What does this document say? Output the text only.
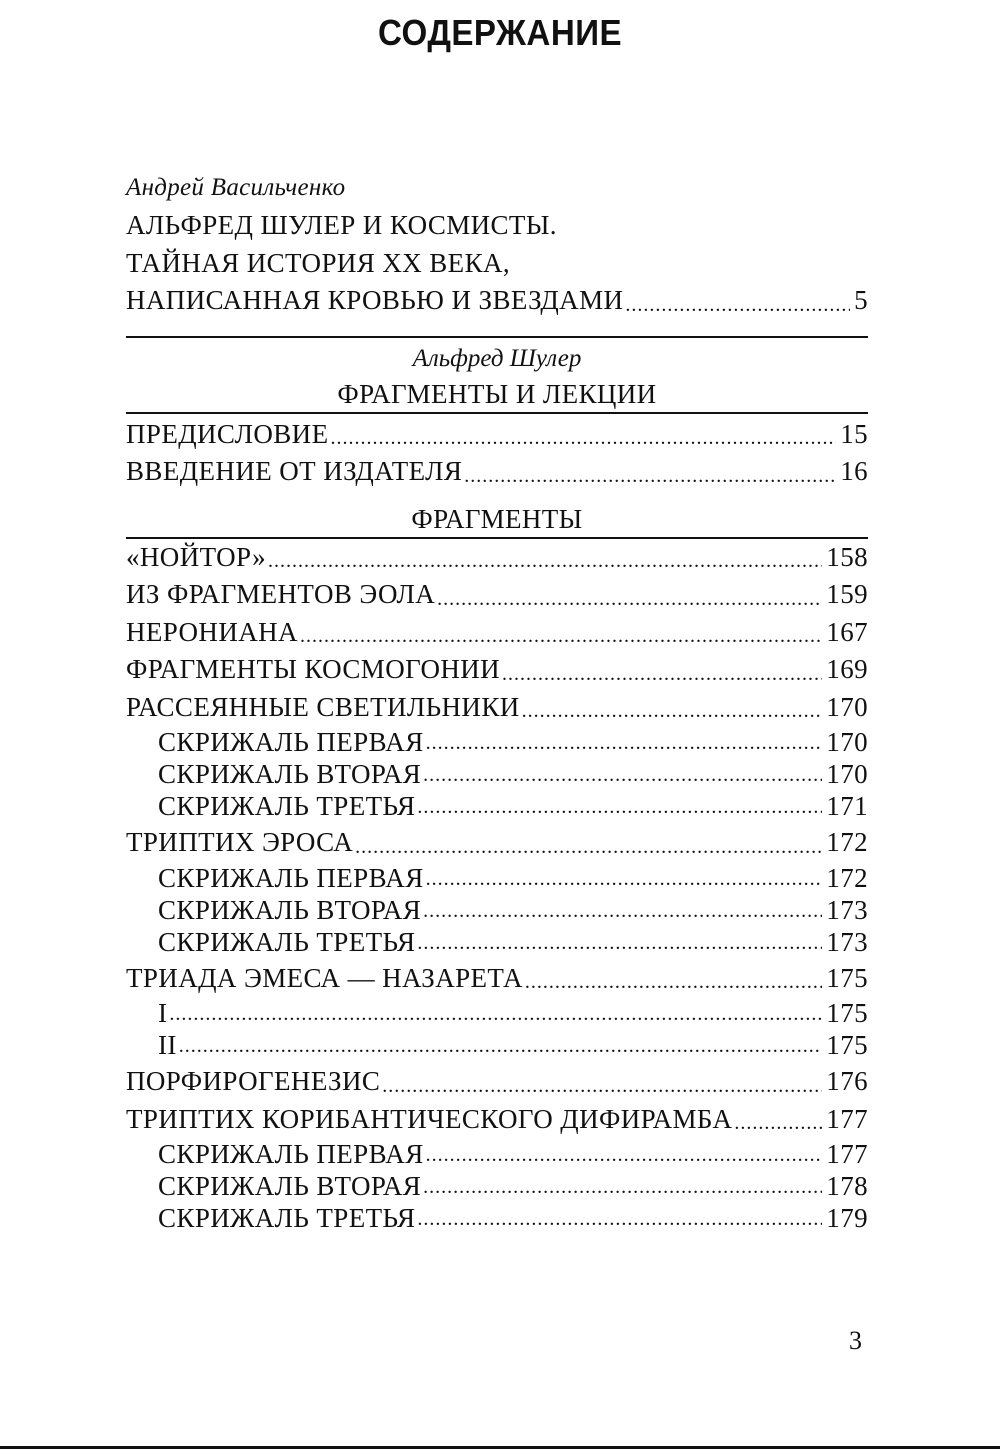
СОДЕРЖАНИЕ
Андрей Васильченко
АЛЬФРЕД ШУЛЕР И КОСМИСТЫ.
ТАЙНАЯ ИСТОРИЯ XX ВЕКА,
НАПИСАННАЯ КРОВЬЮ И ЗВЕЗДАМИ .....	5
Альфред Шулер
ФРАГМЕНТЫ И ЛЕКЦИИ
ПРЕДИСЛОВИЕ .....	15
ВВЕДЕНИЕ ОТ ИЗДАТЕЛЯ .....	16
ФРАГМЕНТЫ
«НОЙТОР» .....	158
ИЗ ФРАГМЕНТОВ ЭОЛА .....	159
НЕРОНИАНА .....	167
ФРАГМЕНТЫ КОСМОГОНИИ .....	169
РАССЕЯННЫЕ СВЕТИЛЬНИКИ .....	170
СКРИЖАЛЬ ПЕРВАЯ .....	170
СКРИЖАЛЬ ВТОРАЯ .....	170
СКРИЖАЛЬ ТРЕТЬЯ .....	171
ТРИПТИХ ЭРОСА .....	172
СКРИЖАЛЬ ПЕРВАЯ .....	172
СКРИЖАЛЬ ВТОРАЯ .....	173
СКРИЖАЛЬ ТРЕТЬЯ .....	173
ТРИАДА ЭМЕСА — НАЗАРЕТА .....	175
I .....	175
II .....	175
ПОРФИРОГЕНЕЗИС .....	176
ТРИПТИХ КОРИБАНТИЧЕСКОГО ДИФИРАМБА .....	177
СКРИЖАЛЬ ПЕРВАЯ .....	177
СКРИЖАЛЬ ВТОРАЯ .....	178
СКРИЖАЛЬ ТРЕТЬЯ .....	179
3
